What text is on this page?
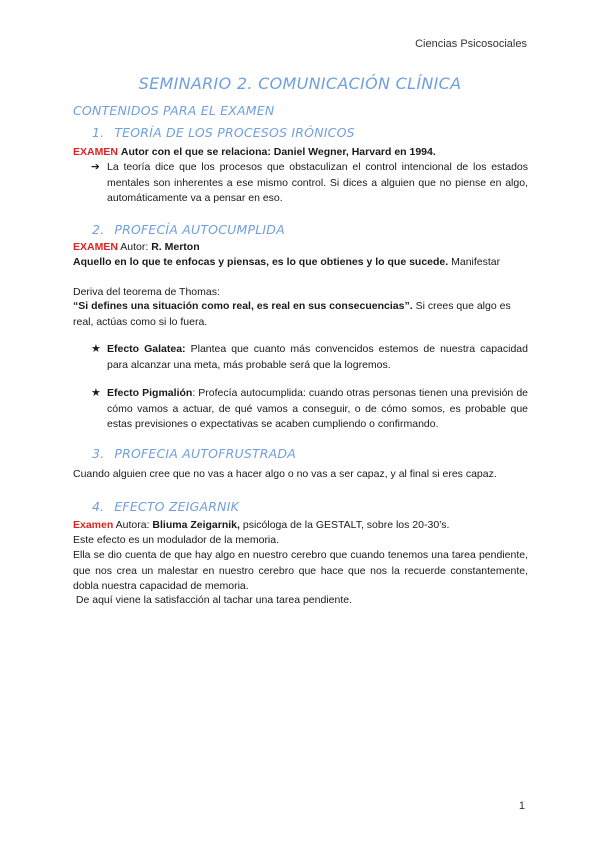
Ciencias Psicosociales
SEMINARIO 2. COMUNICACIÓN CLÍNICA
CONTENIDOS PARA EL EXAMEN
1. TEORÍA DE LOS PROCESOS IRÓNICOS
EXAMEN Autor con el que se relaciona: Daniel Wegner, Harvard en 1994.
➔ La teoría dice que los procesos que obstaculizan el control intencional de los estados mentales son inherentes a ese mismo control. Si dices a alguien que no piense en algo, automáticamente va a pensar en eso.
2. PROFECÍA AUTOCUMPLIDA
EXAMEN Autor: R. Merton
Aquello en lo que te enfocas y piensas, es lo que obtienes y lo que sucede. Manifestar
Deriva del teorema de Thomas:
“Si defines una situación como real, es real en sus consecuencias”. Si crees que algo es real, actúas como si lo fuera.
★ Efecto Galatea: Plantea que cuanto más convencidos estemos de nuestra capacidad para alcanzar una meta, más probable será que la logremos.
★ Efecto Pigmalión: Profecía autocumplida: cuando otras personas tienen una previsión de cómo vamos a actuar, de qué vamos a conseguir, o de cómo somos, es probable que estas previsiones o expectativas se acaben cumpliendo o confirmando.
3. PROFECIA AUTOFRUSTRADA
Cuando alguien cree que no vas a hacer algo o no vas a ser capaz, y al final si eres capaz.
4. EFECTO ZEIGARNIK
Examen Autora: Bliuma Zeigarnik, psicóloga de la GESTALT, sobre los 20-30’s.
Este efecto es un modulador de la memoria.
Ella se dio cuenta de que hay algo en nuestro cerebro que cuando tenemos una tarea pendiente, que nos crea un malestar en nuestro cerebro que hace que nos la recuerde constantemente, dobla nuestra capacidad de memoria.
De aquí viene la satisfacción al tachar una tarea pendiente.
1
